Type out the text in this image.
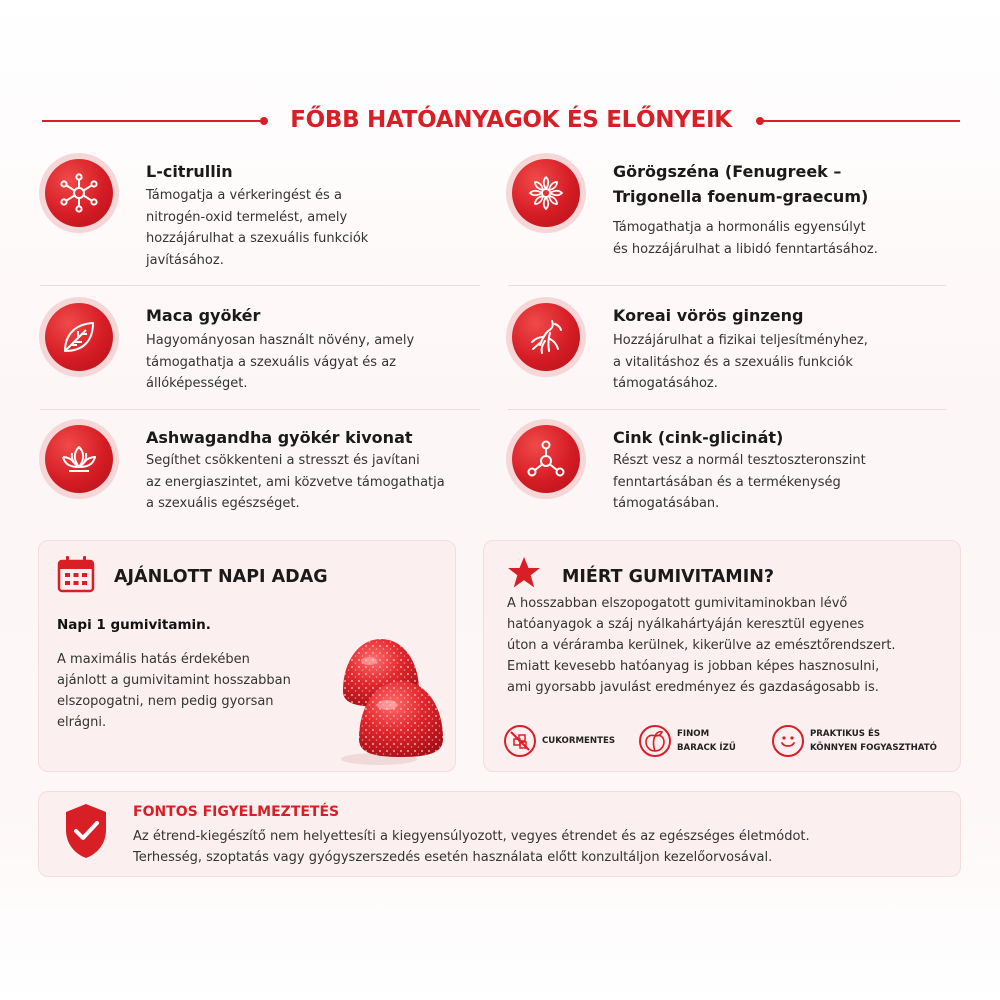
FŐBB HATÓANYAGOK ÉS ELŐNYEIK
L-citrullin
Támogatja a vérkeringést és a
nitrogén-oxid termelést, amely
hozzájárulhat a szexuális funkciók
javításához.
Maca gyökér
Hagyományosan használt növény, amely
támogathatja a szexuális vágyat és az
állóképességet.
Ashwagandha gyökér kivonat
Segíthet csökkenteni a stresszt és javítani
az energiaszintet, ami közvetve támogathatja
a szexuális egészséget.
Görögszéna (Fenugreek –
Trigonella foenum-graecum)
Támogathatja a hormonális egyensúlyt
és hozzájárulhat a libidó fenntartásához.
Koreai vörös ginzeng
Hozzájárulhat a fizikai teljesítményhez,
a vitalitáshoz és a szexuális funkciók
támogatásához.
Cink (cink-glicinát)
Részt vesz a normál tesztoszteronszint
fenntartásában és a termékenység
támogatásában.
AJÁNLOTT NAPI ADAG
Napi 1 gumivitamin.
A maximális hatás érdekében
ajánlott a gumivitamint hosszabban
elszopogatni, nem pedig gyorsan
elrágni.
MIÉRT GUMIVITAMIN?
A hosszabban elszopogatott gumivitaminokban lévő
hatóanyagok a száj nyálkahártyáján keresztül egyenes
úton a véráramba kerülnek, kikerülve az emésztőrendszert.
Emiatt kevesebb hatóanyag is jobban képes hasznosulni,
ami gyorsabb javulást eredményez és gazdaságosabb is.
CUKORMENTES
FINOM
BARACK ÍZŰ
PRAKTIKUS ÉS
KÖNNYEN FOGYASZTHATÓ
FONTOS FIGYELMEZTETÉS
Az étrend-kiegészítő nem helyettesíti a kiegyensúlyozott, vegyes étrendet és az egészséges életmódot.
Terhesség, szoptatás vagy gyógyszerszedés esetén használata előtt konzultáljon kezelőorvosával.
